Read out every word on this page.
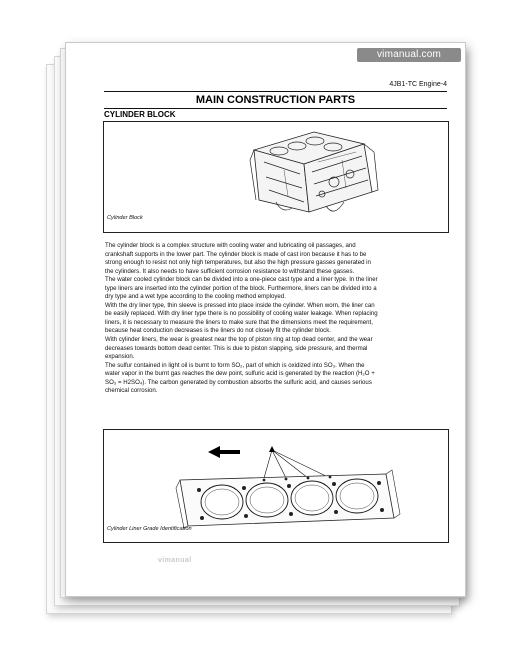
vimanual.com
4JB1-TC Engine-4
MAIN CONSTRUCTION PARTS
CYLINDER BLOCK
Cylinder Block

The cylinder block is a complex structure with cooling water and lubricating oil passages, and

crankshaft supports in the lower part. The cylinder block is made of cast iron because it has to be

strong enough to resist not only high temperatures, but also the high pressure gasses generated in

the cylinders. It also needs to have sufficient corrosion resistance to withstand these gasses.

The water cooled cylinder block can be divided into a one-piece cast type and a liner type. In the liner

type liners are inserted into the cylinder portion of the block. Furthermore, liners can be divided into a

dry type and a wet type according to the cooling method employed.

With the dry liner type, thin sleeve is pressed into place inside the cylinder. When worn, the liner can

be easily replaced. With dry liner type there is no possibility of cooling water leakage. When replacing

liners, it is necessary to measure the liners to make sure that the dimensions meet the requirement,

because heat conduction decreases is the liners do not closely fit the cylinder block.

With cylinder liners, the wear is greatest near the top of piston ring at top dead center, and the wear

decreases towards bottom dead center. This is due to piston slapping, side pressure, and thermal

expansion.

The sulfur contained in light oil is burnt to form SO₂, part of which is oxidized into SO₃. When the

water vapor in the burnt gas reaches the dew point, sulfuric acid is generated by the reaction (H₂O +

SO₃ = H2SO₄). The carbon generated by combustion absorbs the sulfuric acid, and causes serious

chemical corrosion.

Cylinder Liner Grade Identification
vimanual
